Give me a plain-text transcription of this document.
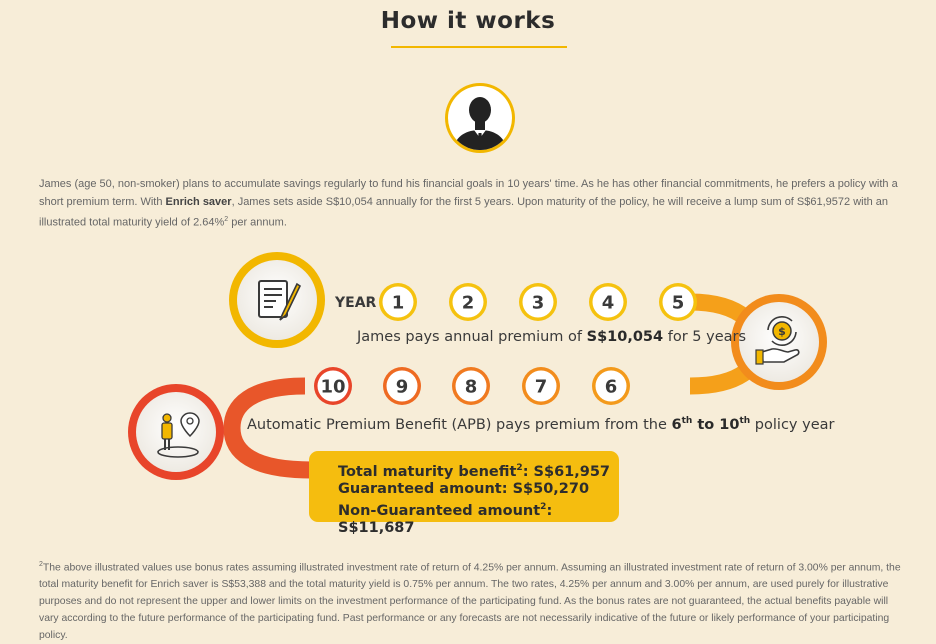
How it works
James (age 50, non-smoker) plans to accumulate savings regularly to fund his financial goals in 10 years' time. As he has other financial commitments, he prefers a policy with a short premium term. With Enrich saver, James sets aside S$10,054 annually for the first 5 years. Upon maturity of the policy, he will receive a lump sum of S$61,9572 with an illustrated total maturity yield of 2.64%$^2$ per annum.
$
YEAR 1	2	3	4	5
10	9	8	7	6
James pays annual premium of S$10,054 for 5 years
Automatic Premium Benefit (APB) pays premium from the 6th to 10th policy year
Total maturity benefit$^2$: S$61,957
Guaranteed amount: S$50,270
Non-Guaranteed amount$^2$: S$11,687
$^2$The above illustrated values use bonus rates assuming illustrated investment rate of return of 4.25% per annum. Assuming an illustrated investment rate of return of 3.00% per annum, the total maturity benefit for Enrich saver is S$53,388 and the total maturity yield is 0.75% per annum. The two rates, 4.25% per annum and 3.00% per annum, are used purely for illustrative purposes and do not represent the upper and lower limits on the investment performance of the participating fund. As the bonus rates are not guaranteed, the actual benefits payable will vary according to the future performance of the participating fund. Past performance or any forecasts are not necessarily indicative of the future or likely performance of your participating policy.
